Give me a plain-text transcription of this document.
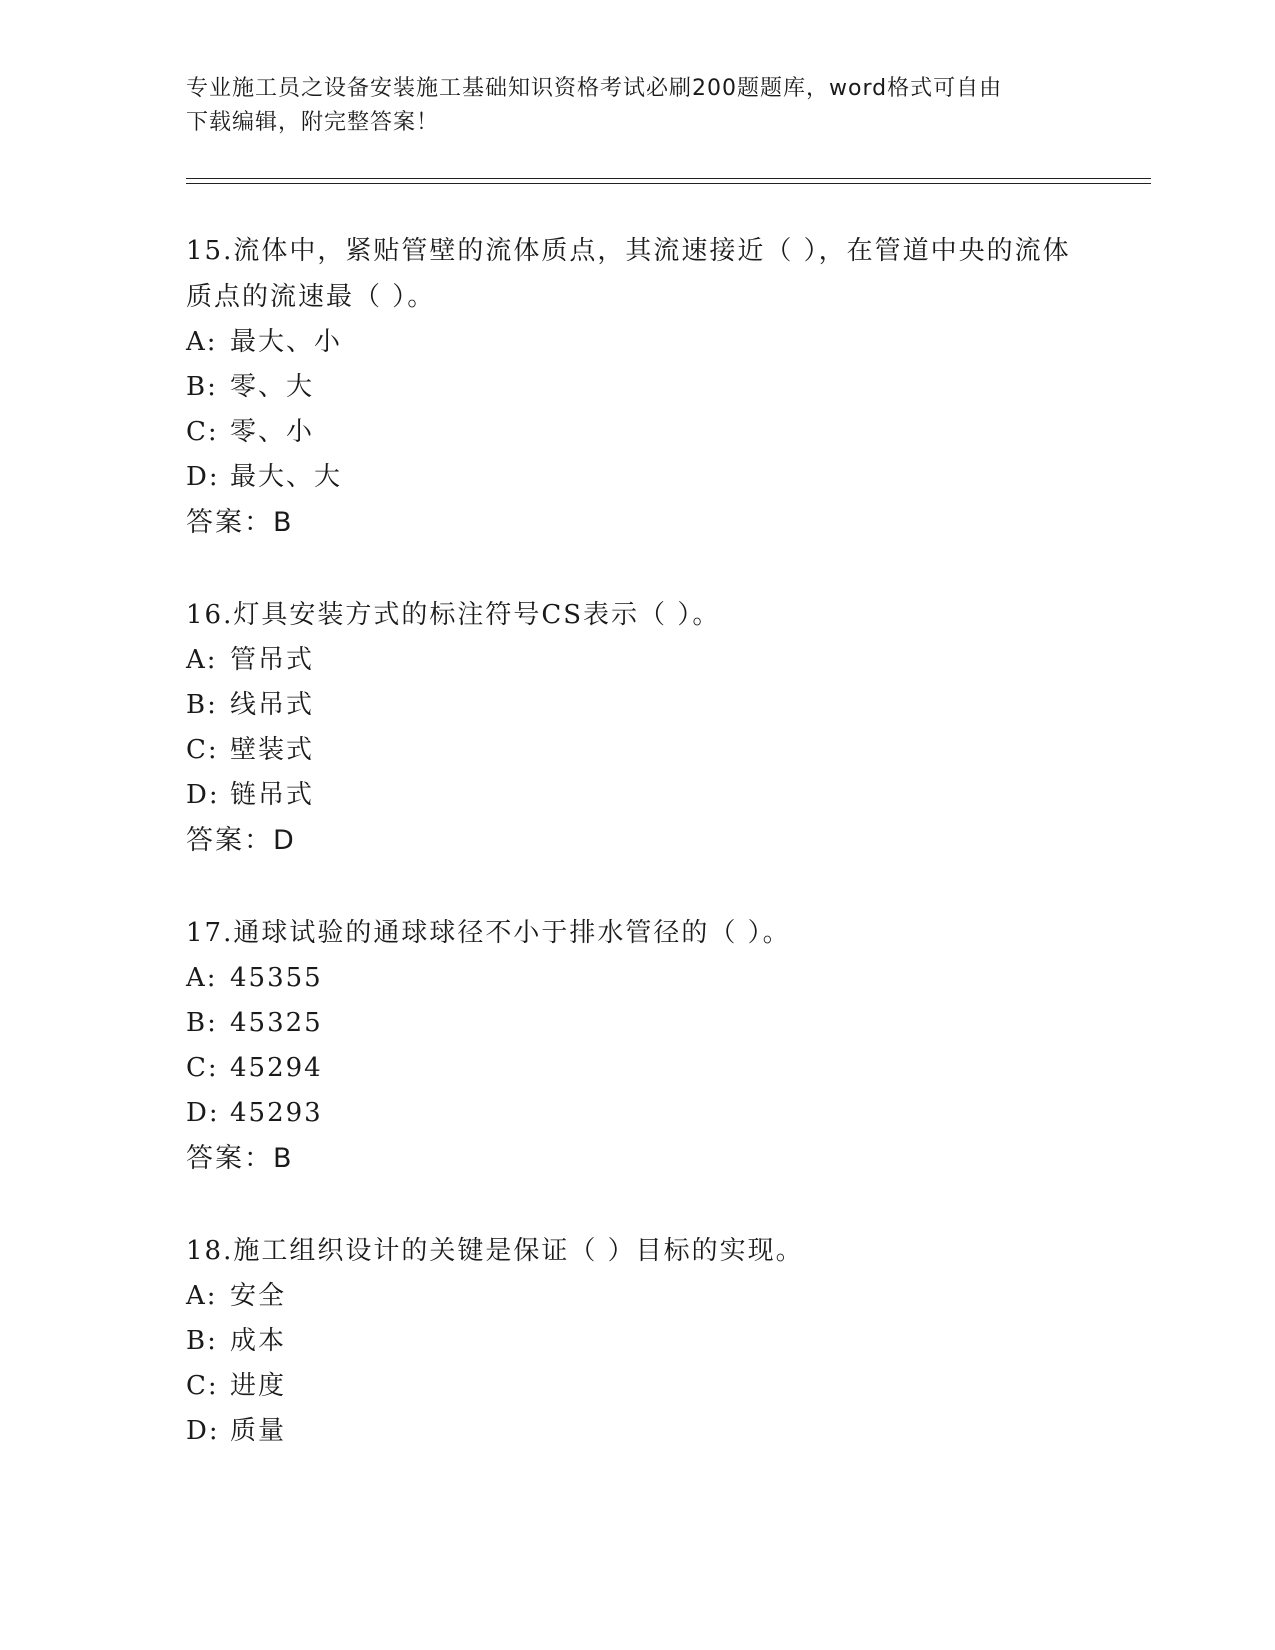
专业施工员之设备安装施工基础知识资格考试必刷200题题库，word格式可自由
下载编辑，附完整答案！
15.流体中，紧贴管壁的流体质点，其流速接近（ ），在管道中央的流体质点的流速最（ ）。
A: 最大、小
B: 零、大
C: 零、小
D: 最大、大
答案：B
16.灯具安装方式的标注符号CS表示（ ）。
A: 管吊式
B: 线吊式
C: 壁装式
D: 链吊式
答案：D
17.通球试验的通球球径不小于排水管径的（ ）。
A: 45355
B: 45325
C: 45294
D: 45293
答案：B
18.施工组织设计的关键是保证（ ）目标的实现。
A: 安全
B: 成本
C: 进度
D: 质量
